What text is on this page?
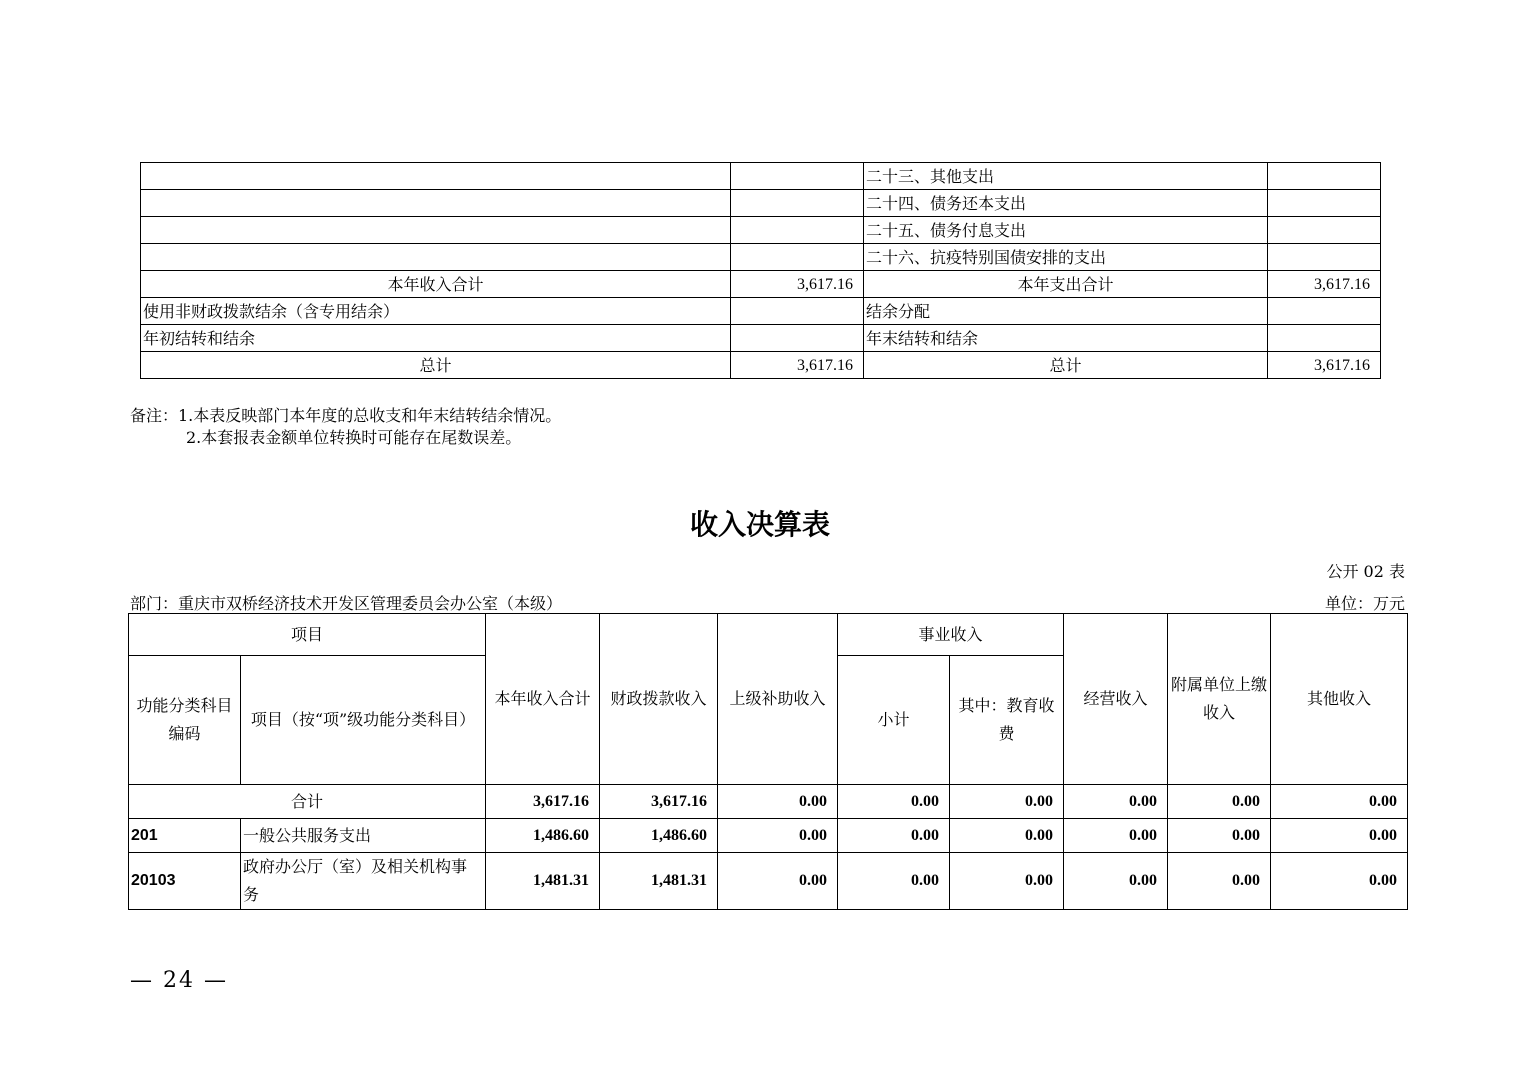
		二十三、其他支出	
		二十四、债务还本支出	
		二十五、债务付息支出	
		二十六、抗疫特别国债安排的支出	
本年收入合计	3,617.16	本年支出合计	3,617.16
使用非财政拨款结余（含专用结余）		结余分配	
年初结转和结余		年末结转和结余	
总计	3,617.16	总计	3,617.16
备注：1.本表反映部门本年度的总收支和年末结转结余情况。
2.本套报表金额单位转换时可能存在尾数误差。
收入决算表
公开 02 表
部门：重庆市双桥经济技术开发区管理委员会办公室（本级）	单位：万元
项目		本年收入合计	财政拨款收入	上级补助收入	事业收入		经营收入	附属单位上缴收入	其他收入
功能分类科目编码	项目（按“项”级功能分类科目）				小计	其中：教育收费			
合计		3,617.16	3,617.16	0.00	0.00	0.00	0.00	0.00	0.00
201	一般公共服务支出	1,486.60	1,486.60	0.00	0.00	0.00	0.00	0.00	0.00
20103	政府办公厅（室）及相关机构事务	1,481.31	1,481.31	0.00	0.00	0.00	0.00	0.00	0.00
— 24 —
